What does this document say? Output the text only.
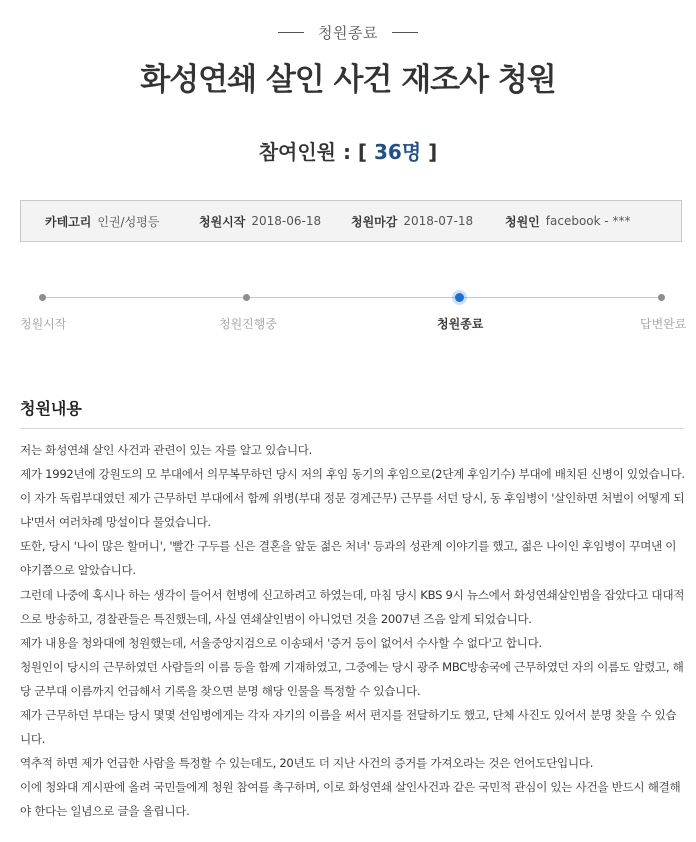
청원종료
화성연쇄 살인 사건 재조사 청원
참여인원 : [ 36명 ]
카테고리 인권/성평등	청원시작 2018-06-18 청원마감 2018-07-18	청원인 facebook - ***
청원시작	청원진행중	청원종료	답변완료
청원내용

저는 화성연쇄 살인 사건과 관련이 있는 자를 알고 있습니다.

제가 1992년에 강원도의 모 부대에서 의무복무하던 당시 저의 후임 동기의 후임으로(2단계 후임기수) 부대에 배치된 신병이 있었습니다.

이 자가 독립부대였던 제가 근무하던 부대에서 함께 위병(부대 정문 경계근무) 근무를 서던 당시, 동 후임병이 '살인하면 처벌이 어떻게 되냐'면서 여러차례 망설이다 물었습니다.

또한, 당시 '나이 많은 할머니', '빨간 구두를 신은 결혼을 앞둔 젊은 처녀' 등과의 성관계 이야기를 했고, 젊은 나이인 후임병이 꾸며낸 이야기쯤으로 알았습니다.

그런데 나중에 혹시나 하는 생각이 들어서 헌병에 신고하려고 하였는데, 마침 당시 KBS 9시 뉴스에서 화성연쇄살인범을 잡았다고 대대적으로 방송하고, 경찰관들은 특진했는데, 사실 연쇄살인범이 아니었던 것을 2007년 즈음 알게 되었습니다.

제가 내용을 청와대에 청원했는데, 서울중앙지검으로 이송돼서 '증거 등이 없어서 수사할 수 없다'고 합니다.

청원인이 당시의 근무하였던 사람들의 이름 등을 함께 기재하였고, 그중에는 당시 광주 MBC방송국에 근무하였던 자의 이름도 알렸고, 해당 군부대 이름까지 언급해서 기록을 찾으면 분명 해당 인물을 특정할 수 있습니다.

제가 근무하던 부대는 당시 몇몇 선임병에게는 각자 자기의 이름을 써서 편지를 전달하기도 했고, 단체 사진도 있어서 분명 찾을 수 있습니다.

역추적 하면 제가 언급한 사람을 특정할 수 있는데도, 20년도 더 지난 사건의 증거를 가져오라는 것은 언어도단입니다.

이에 청와대 게시판에 올려 국민들에게 청원 참여를 촉구하며, 이로 화성연쇄 살인사건과 같은 국민적 관심이 있는 사건을 반드시 해결해야 한다는 일념으로 글을 올립니다.
